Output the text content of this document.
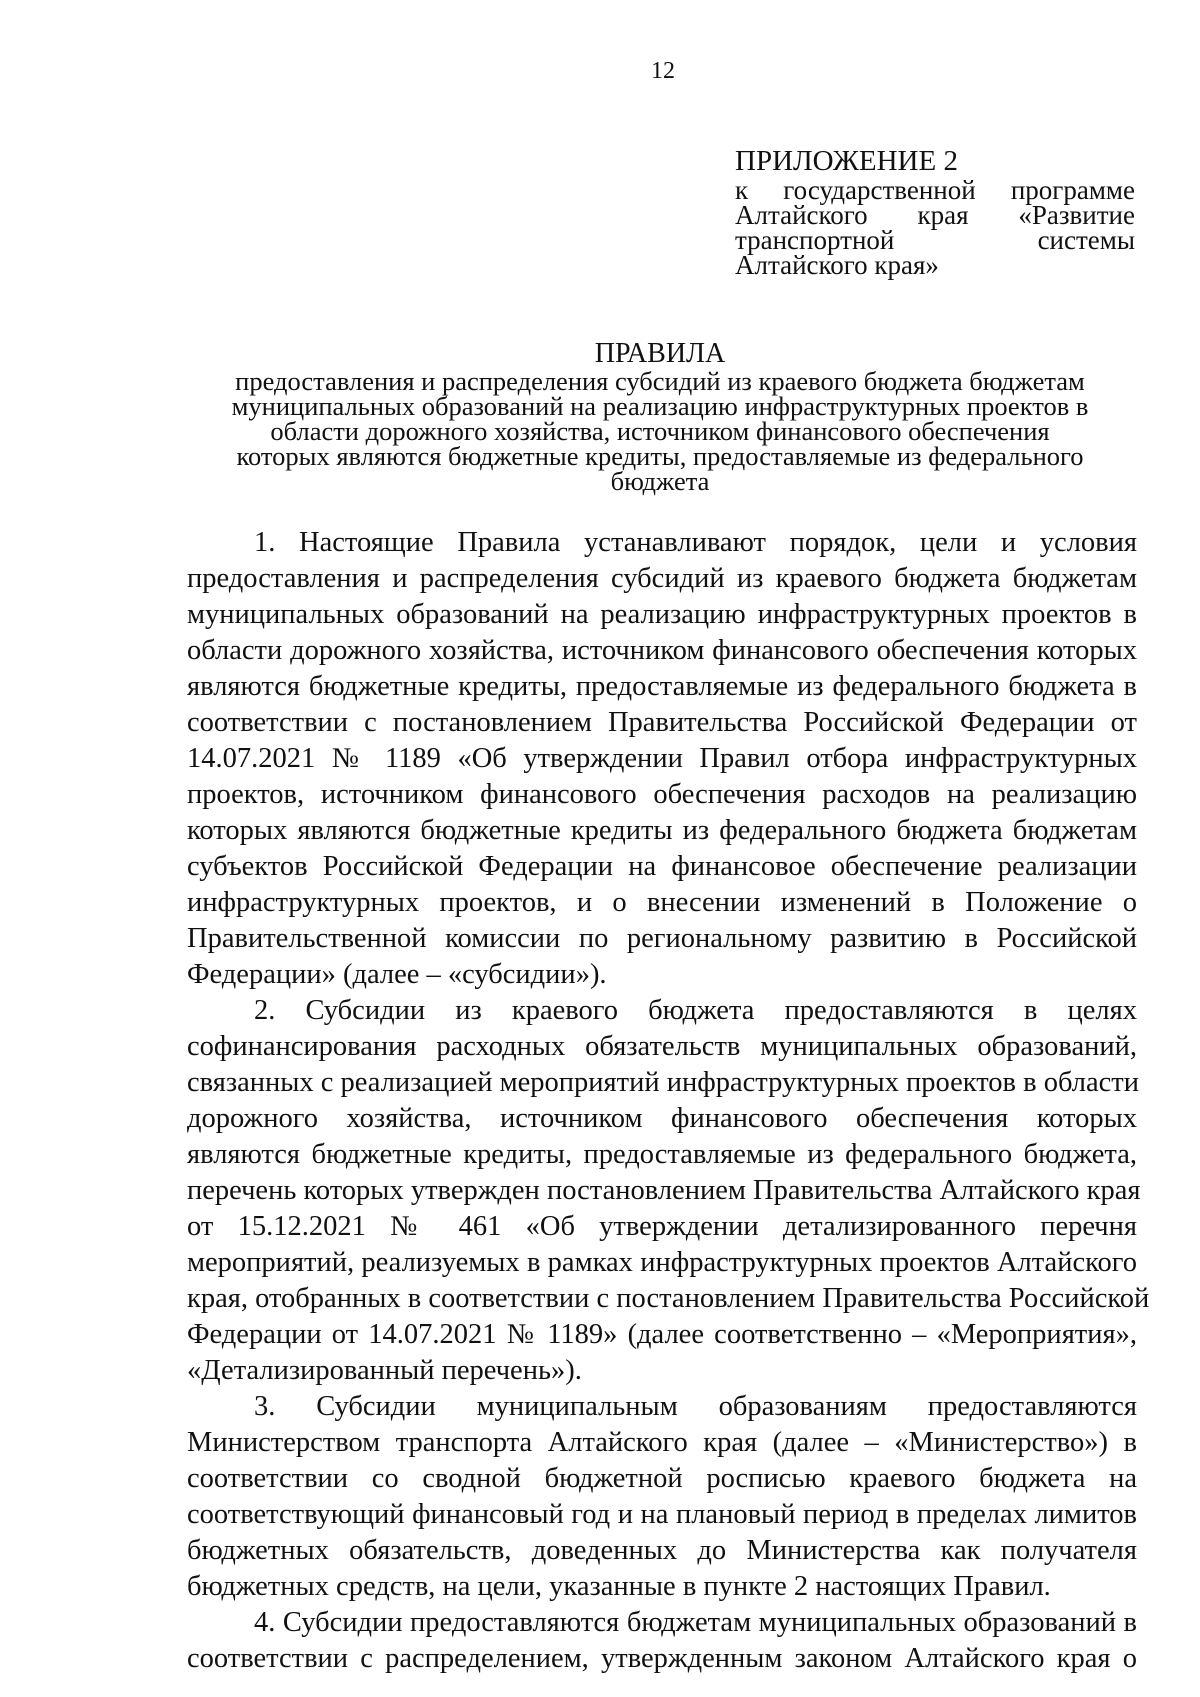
12
ПРИЛОЖЕНИЕ 2
к государственной программе
Алтайского края «Развитие
транспортной системы
Алтайского края»
ПРАВИЛА
предоставления и распределения субсидий из краевого бюджета бюджетам
муниципальных образований на реализацию инфраструктурных проектов в
области дорожного хозяйства, источником финансового обеспечения
которых являются бюджетные кредиты, предоставляемые из федерального
бюджета
1. Настоящие Правила устанавливают порядок, цели и условия
предоставления и распределения субсидий из краевого бюджета бюджетам
муниципальных образований на реализацию инфраструктурных проектов в
области дорожного хозяйства, источником финансового обеспечения которых
являются бюджетные кредиты, предоставляемые из федерального бюджета в
соответствии с постановлением Правительства Российской Федерации от
14.07.2021 № 1189 «Об утверждении Правил отбора инфраструктурных
проектов, источником финансового обеспечения расходов на реализацию
которых являются бюджетные кредиты из федерального бюджета бюджетам
субъектов Российской Федерации на финансовое обеспечение реализации
инфраструктурных проектов, и о внесении изменений в Положение о
Правительственной комиссии по региональному развитию в Российской
Федерации» (далее – «субсидии»).
2. Субсидии из краевого бюджета предоставляются в целях
софинансирования расходных обязательств муниципальных образований,
связанных с реализацией мероприятий инфраструктурных проектов в области
дорожного хозяйства, источником финансового обеспечения которых
являются бюджетные кредиты, предоставляемые из федерального бюджета,
перечень которых утвержден постановлением Правительства Алтайского края
от 15.12.2021 № 461 «Об утверждении детализированного перечня
мероприятий, реализуемых в рамках инфраструктурных проектов Алтайского
края, отобранных в соответствии с постановлением Правительства Российской
Федерации от 14.07.2021 № 1189» (далее соответственно – «Мероприятия»,
«Детализированный перечень»).
3. Субсидии муниципальным образованиям предоставляются
Министерством транспорта Алтайского края (далее – «Министерство») в
соответствии со сводной бюджетной росписью краевого бюджета на
соответствующий финансовый год и на плановый период в пределах лимитов
бюджетных обязательств, доведенных до Министерства как получателя
бюджетных средств, на цели, указанные в пункте 2 настоящих Правил.
4. Субсидии предоставляются бюджетам муниципальных образований в
соответствии с распределением, утвержденным законом Алтайского края о
